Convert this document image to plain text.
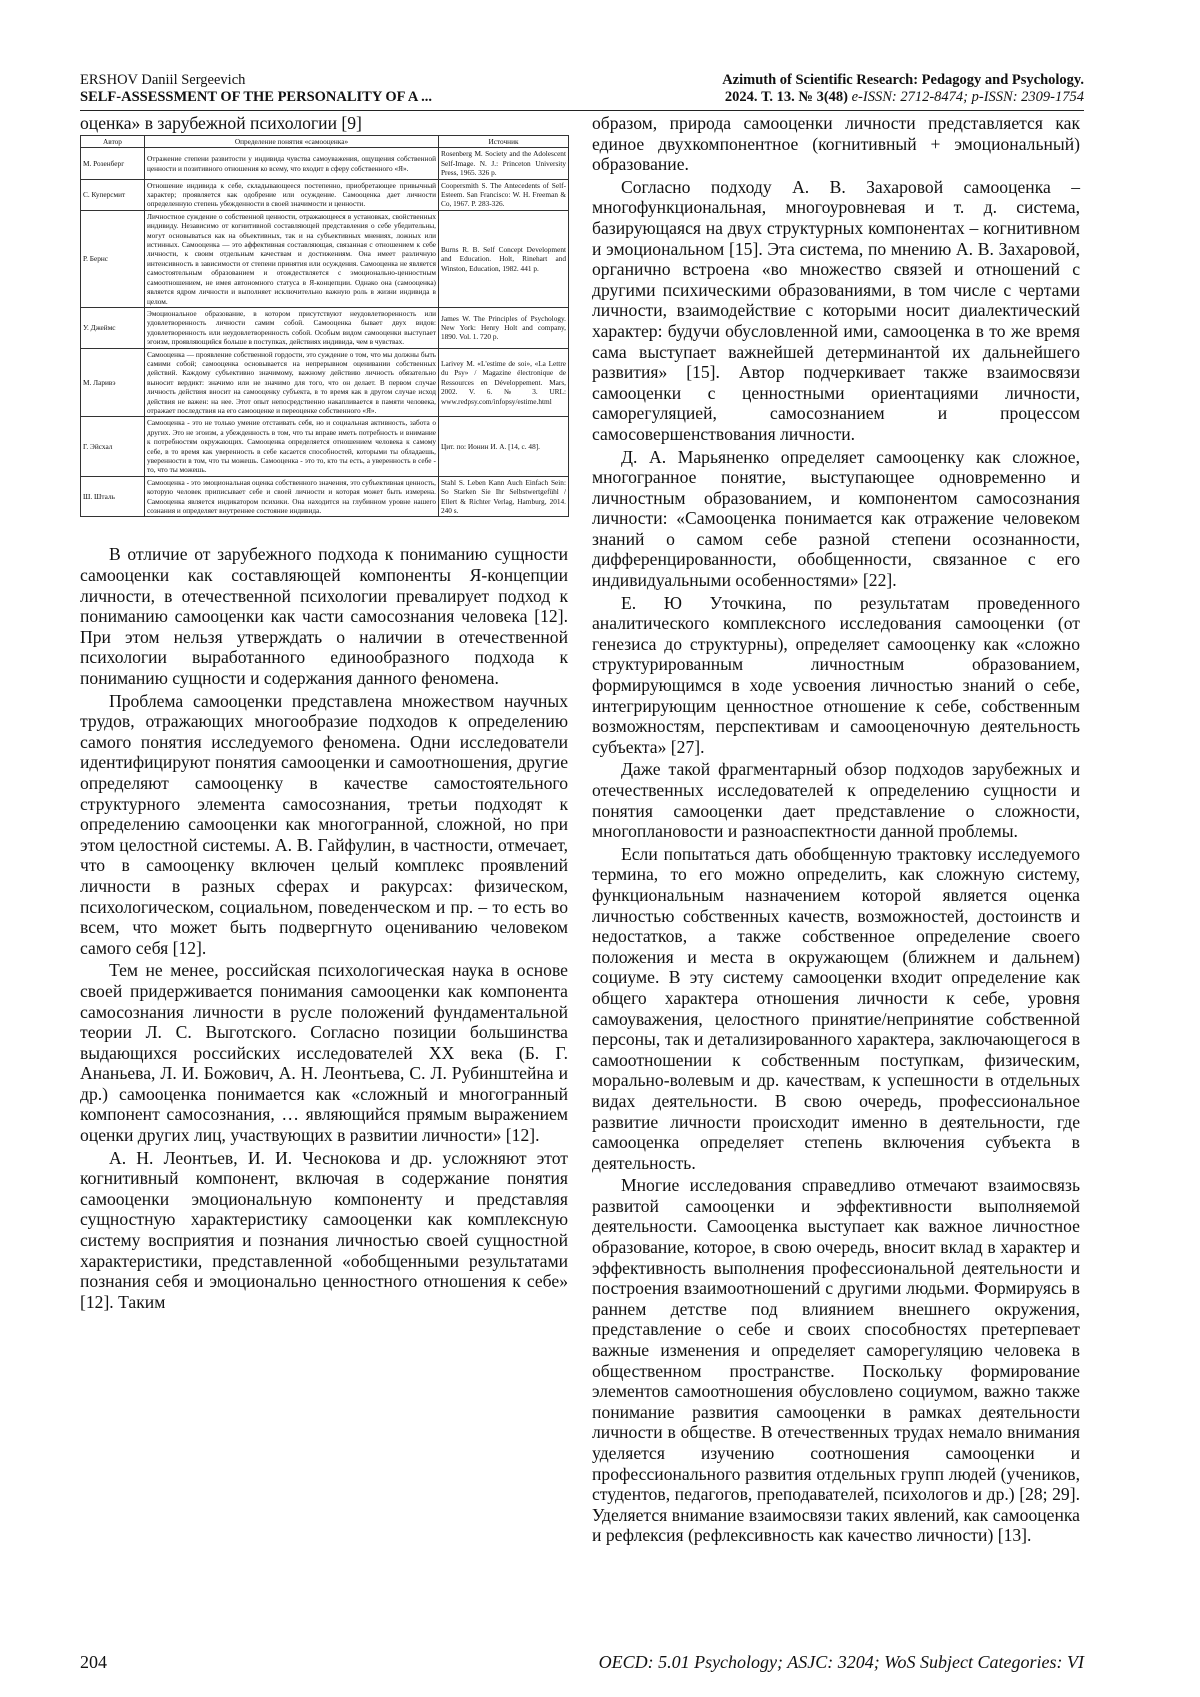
ERSHOV Daniil Sergeevich
SELF-ASSESSMENT OF THE PERSONALITY OF A ...
Azimuth of Scientific Research: Pedagogy and Psychology.
2024. Т. 13. № 3(48) e-ISSN: 2712-8474; p-ISSN: 2309-1754
оценка» в зарубежной психологии [9]
Автор	Определение понятия «самооценка»	Источник
М. Розенберг	Отражение степени развитости у индивида чувства самоуважения, ощущения собственной ценности и позитивного отношения ко всему, что входит в сферу собственного «Я».	Rosenberg M. Society and the Adolescent Self-Image. N. J.: Princeton University Press, 1965. 326 p.
С. Куперсмит	Отношение индивида к себе, складывающееся постепенно, приобретающее привычный характер; проявляется как одобрение или осуждение. Самооценка дает личности определенную степень убежденности в своей значимости и ценности.	Coopersmith S. The Antecedents of Self-Esteem. San Francisco: W. H. Freeman & Co, 1967. P. 283-326.
Р. Бернс	Личностное суждение о собственной ценности, отражающееся в установках, свойственных индивиду. Независимо от когнитивной составляющей представления о себе убедительны, могут основываться как на объективных, так и на субъективных мнениях, ложных или истинных. Самооценка — это аффективная составляющая, связанная с отношением к себе личности, к своим отдельным качествам и достижениям. Она имеет различную интенсивность в зависимости от степени принятия или осуждения. Самооценка не является самостоятельным образованием и отождествляется с эмоционально-ценностным самоотношением, не имея автономного статуса в Я-концепции. Однако она (самооценка) является ядром личности и выполняет исключительно важную роль в жизни индивида в целом.	Burns R. B. Self Concept Development and Education. Holt, Rinehart and Winston, Education, 1982. 441 p.
У. Джеймс	Эмоциональное образование, в котором присутствуют неудовлетворенность или удовлетворенность личности самим собой. Самооценка бывает двух видов: удовлетворенность или неудовлетворенность собой. Особым видом самооценки выступает эгоизм, проявляющийся больше в поступках, действиях индивида, чем в чувствах.	James W. The Principles of Psychology. New York: Henry Holt and company, 1890. Vol. 1. 720 p.
М. Ларивэ	Самооценка — проявление собственной гордости, это суждение о том, что мы должны быть самими собой; самооценка основывается на непрерывном оценивании собственных действий. Каждому субъективно значимому, важному действию личность обязательно выносит вердикт: значимо или не значимо для того, что он делает. В первом случае личность действия вносит на самооценку субъекта, в то время как в другом случае исход действия не важен: на нее. Этот опыт непосредственно накапливается в памяти человека, отражает последствия на его самооценке и переоценке собственного «Я».	Larivey M. «L'estime de soi», «La Lettre du Psy» / Magazine électronique de Ressources en Développement. Mars, 2002. V. 6. № 3. URL: www.redpsy.com/infopsy/estime.html
Г. Эйсхал	Самооценка - это не только умение отстаивать себя, но и социальная активность, забота о других. Это не эгоизм, а убежденность в том, что ты вправе иметь потребность и внимание к потребностям окружающих. Самооценка определяется отношением человека к самому себе, в то время как уверенность в себе касается способностей, которыми ты обладаешь, уверенности в том, что ты можешь. Самооценка - это то, кто ты есть, а уверенность в себе - то, что ты можешь.	Цит. по: Ионин И. А. [14, с. 48].
Ш. Шталь	Самооценка - это эмоциональная оценка собственного значения, это субъективная ценность, которую человек приписывает себе и своей личности и которая может быть измерена. Самооценка является индикатором психики. Она находится на глубинном уровне нашего сознания и определяет внутреннее состояние индивида.	Stahl S. Leben Kann Auch Einfach Sein: So Starken Sie Ihr Selbstwertgefühl / Ellert & Richter Verlag, Hamburg, 2014. 240 s.

В отличие от зарубежного подхода к пониманию сущности самооценки как составляющей компоненты Я-концепции личности, в отечественной психологии превалирует подход к пониманию самооценки как части самосознания человека [12]. При этом нельзя утверждать о наличии в отечественной психологии выработанного единообразного подхода к пониманию сущности и содержания данного феномена.

Проблема самооценки представлена множеством научных трудов, отражающих многообразие подходов к определению самого понятия исследуемого феномена. Одни исследователи идентифицируют понятия самооценки и самоотношения, другие определяют самооценку в качестве самостоятельного структурного элемента самосознания, третьи подходят к определению самооценки как многогранной, сложной, но при этом целостной системы. А. В. Гайфулин, в частности, отмечает, что в самооценку включен целый комплекс проявлений личности в разных сферах и ракурсах: физическом, психологическом, социальном, поведенческом и пр. – то есть во всем, что может быть подвергнуто оцениванию человеком самого себя [12].

Тем не менее, российская психологическая наука в основе своей придерживается понимания самооценки как компонента самосознания личности в русле положений фундаментальной теории Л. С. Выготского. Согласно позиции большинства выдающихся российских исследователей XX века (Б. Г. Ананьева, Л. И. Божович, А. Н. Леонтьева, С. Л. Рубинштейна и др.) самооценка понимается как «сложный и многогранный компонент самосознания, … являющийся прямым выражением оценки других лиц, участвующих в развитии личности» [12].

А. Н. Леонтьев, И. И. Чеснокова и др. усложняют этот когнитивный компонент, включая в содержание понятия самооценки эмоциональную компоненту и представляя сущностную характеристику самооценки как комплексную систему восприятия и познания личностью своей сущностной характеристики, представленной «обобщенными результатами познания себя и эмоционально ценностного отношения к себе» [12]. Таким

образом, природа самооценки личности представляется как единое двухкомпонентное (когнитивный + эмоциональный) образование.

Согласно подходу А. В. Захаровой самооценка – многофункциональная, многоуровневая и т. д. система, базирующаяся на двух структурных компонентах – когнитивном и эмоциональном [15]. Эта система, по мнению А. В. Захаровой, органично встроена «во множество связей и отношений с другими психическими образованиями, в том числе с чертами личности, взаимодействие с которыми носит диалектический характер: будучи обусловленной ими, самооценка в то же время сама выступает важнейшей детерминантой их дальнейшего развития» [15]. Автор подчеркивает также взаимосвязи самооценки с ценностными ориентациями личности, саморегуляцией, самосознанием и процессом самосовершенствования личности.

Д. А. Марьяненко определяет самооценку как сложное, многогранное понятие, выступающее одновременно и личностным образованием, и компонентом самосознания личности: «Самооценка понимается как отражение человеком знаний о самом себе разной степени осознанности, дифференцированности, обобщенности, связанное с его индивидуальными особенностями» [22].

Е. Ю Уточкина, по результатам проведенного аналитического комплексного исследования самооценки (от генезиса до структурны), определяет самооценку как «сложно структурированным личностным образованием, формирующимся в ходе усвоения личностью знаний о себе, интегрирующим ценностное отношение к себе, собственным возможностям, перспективам и самооценочную деятельность субъекта» [27].

Даже такой фрагментарный обзор подходов зарубежных и отечественных исследователей к определению сущности и понятия самооценки дает представление о сложности, многоплановости и разноаспектности данной проблемы.

Если попытаться дать обобщенную трактовку исследуемого термина, то его можно определить, как сложную систему, функциональным назначением которой является оценка личностью собственных качеств, возможностей, достоинств и недостатков, а также собственное определение своего положения и места в окружающем (ближнем и дальнем) социуме. В эту систему самооценки входит определение как общего характера отношения личности к себе, уровня самоуважения, целостного принятие/непринятие собственной персоны, так и детализированного характера, заключающегося в самоотношении к собственным поступкам, физическим, морально-волевым и др. качествам, к успешности в отдельных видах деятельности. В свою очередь, профессиональное развитие личности происходит именно в деятельности, где самооценка определяет степень включения субъекта в деятельность.

Многие исследования справедливо отмечают взаимосвязь развитой самооценки и эффективности выполняемой деятельности. Самооценка выступает как важное личностное образование, которое, в свою очередь, вносит вклад в характер и эффективность выполнения профессиональной деятельности и построения взаимоотношений с другими людьми. Формируясь в раннем детстве под влиянием внешнего окружения, представление о себе и своих способностях претерпевает важные изменения и определяет саморегуляцию человека в общественном пространстве. Поскольку формирование элементов самоотношения обусловлено социумом, важно также понимание развития самооценки в рамках деятельности личности в обществе. В отечественных трудах немало внимания уделяется изучению соотношения самооценки и профессионального развития отдельных групп людей (учеников, студентов, педагогов, преподавателей, психологов и др.) [28; 29]. Уделяется внимание взаимосвязи таких явлений, как самооценка и рефлексия (рефлексивность как качество личности) [13].

204	OECD: 5.01 Psychology; ASJC: 3204; WoS Subject Categories: VI
